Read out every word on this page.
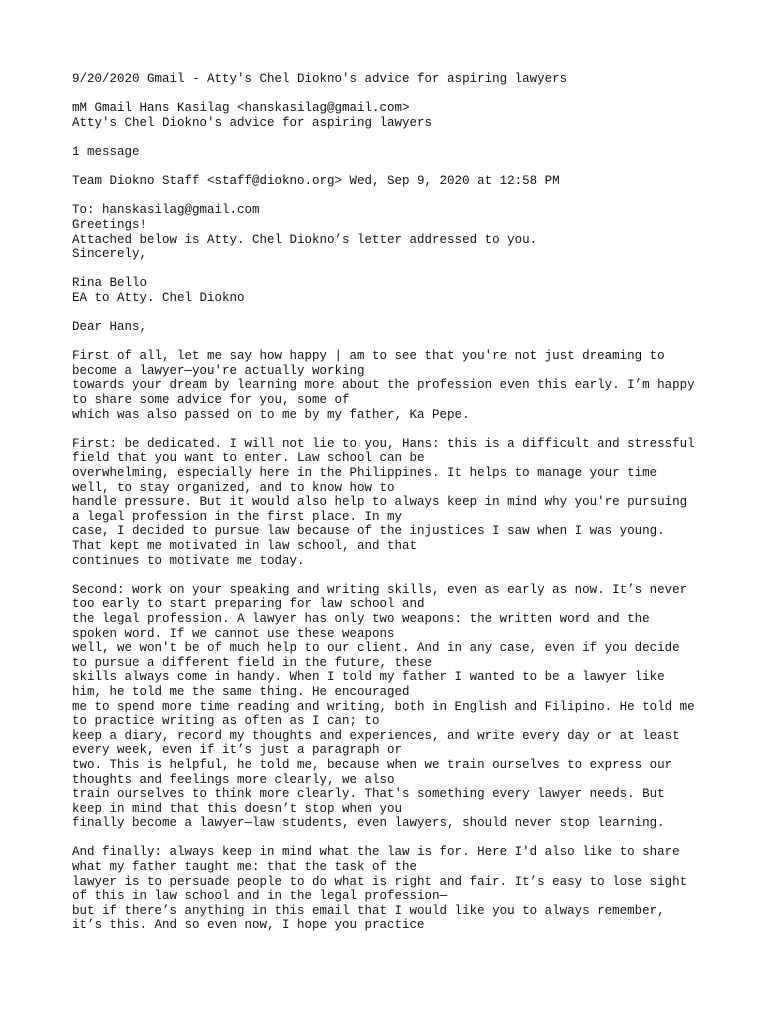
9/20/2020 Gmail - Atty's Chel Diokno's advice for aspiring lawyers
mM Gmail Hans Kasilag <hanskasilag@gmail.com>
Atty's Chel Diokno's advice for aspiring lawyers
1 message
Team Diokno Staff <staff@diokno.org> Wed, Sep 9, 2020 at 12:58 PM
To: hanskasilag@gmail.com
Greetings!
Attached below is Atty. Chel Diokno’s letter addressed to you.
Sincerely,
Rina Bello
EA to Atty. Chel Diokno
Dear Hans,
First of all, let me say how happy | am to see that you're not just dreaming to
become a lawyer—you're actually working
towards your dream by learning more about the profession even this early. I’m happy
to share some advice for you, some of
which was also passed on to me by my father, Ka Pepe.
First: be dedicated. I will not lie to you, Hans: this is a difficult and stressful
field that you want to enter. Law school can be
overwhelming, especially here in the Philippines. It helps to manage your time
well, to stay organized, and to know how to
handle pressure. But it would also help to always keep in mind why you're pursuing
a legal profession in the first place. In my
case, I decided to pursue law because of the injustices I saw when I was young.
That kept me motivated in law school, and that
continues to motivate me today.
Second: work on your speaking and writing skills, even as early as now. It’s never
too early to start preparing for law school and
the legal profession. A lawyer has only two weapons: the written word and the
spoken word. If we cannot use these weapons
well, we won't be of much help to our client. And in any case, even if you decide
to pursue a different field in the future, these
skills always come in handy. When I told my father I wanted to be a lawyer like
him, he told me the same thing. He encouraged
me to spend more time reading and writing, both in English and Filipino. He told me
to practice writing as often as I can; to
keep a diary, record my thoughts and experiences, and write every day or at least
every week, even if it’s just a paragraph or
two. This is helpful, he told me, because when we train ourselves to express our
thoughts and feelings more clearly, we also
train ourselves to think more clearly. That's something every lawyer needs. But
keep in mind that this doesn’t stop when you
finally become a lawyer—law students, even lawyers, should never stop learning.
And finally: always keep in mind what the law is for. Here I'd also like to share
what my father taught me: that the task of the
lawyer is to persuade people to do what is right and fair. It’s easy to lose sight
of this in law school and in the legal profession—
but if there’s anything in this email that I would like you to always remember,
it’s this. And so even now, I hope you practice
